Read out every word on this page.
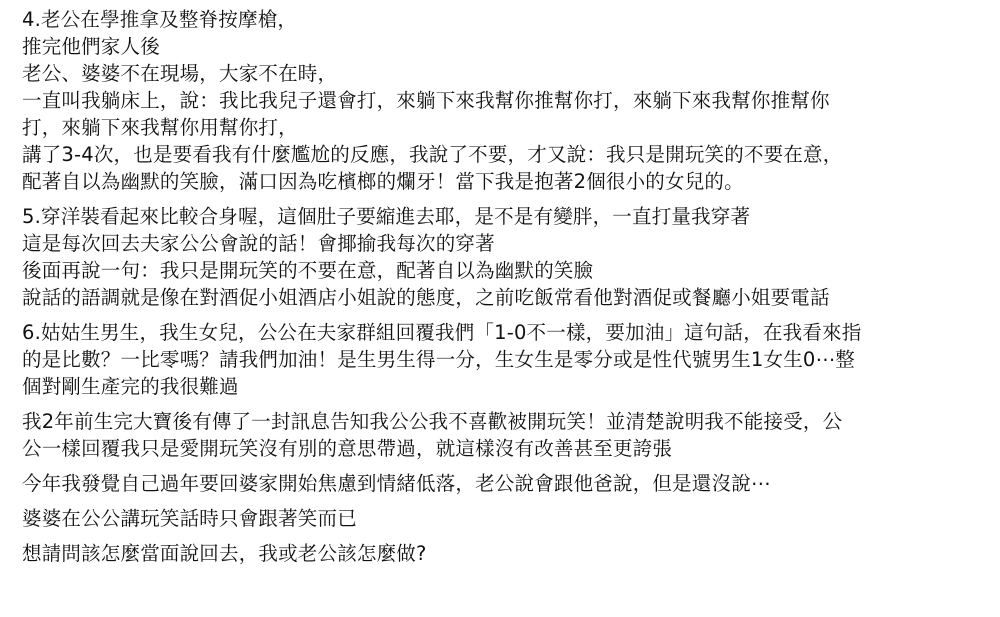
4.老公在學推拿及整脊按摩槍，
推完他們家人後
老公、婆婆不在現場，大家不在時，
一直叫我躺床上，說：我比我兒子還會打，來躺下來我幫你推幫你打，來躺下來我幫你推幫你
打，來躺下來我幫你用幫你打，
講了3-4次，也是要看我有什麼尷尬的反應，我說了不要，才又說：我只是開玩笑的不要在意，
配著自以為幽默的笑臉，滿口因為吃檳榔的爛牙！當下我是抱著2個很小的女兒的。
5.穿洋裝看起來比較合身喔，這個肚子要縮進去耶，是不是有變胖，一直打量我穿著
這是每次回去夫家公公會說的話！會揶揄我每次的穿著
後面再說一句：我只是開玩笑的不要在意，配著自以為幽默的笑臉
說話的語調就是像在對酒促小姐酒店小姐說的態度，之前吃飯常看他對酒促或餐廳小姐要電話
6.姑姑生男生，我生女兒，公公在夫家群組回覆我們「1-0不一樣，要加油」這句話，在我看來指
的是比數？一比零嗎？請我們加油！是生男生得一分，生女生是零分或是性代號男生1女生0⋯整
個對剛生產完的我很難過
我2年前生完大寶後有傳了一封訊息告知我公公我不喜歡被開玩笑！並清楚說明我不能接受，公
公一樣回覆我只是愛開玩笑沒有別的意思帶過，就這樣沒有改善甚至更誇張
今年我發覺自己過年要回婆家開始焦慮到情緒低落，老公說會跟他爸說，但是還沒說⋯
婆婆在公公講玩笑話時只會跟著笑而已
想請問該怎麼當面說回去，我或老公該怎麼做?
